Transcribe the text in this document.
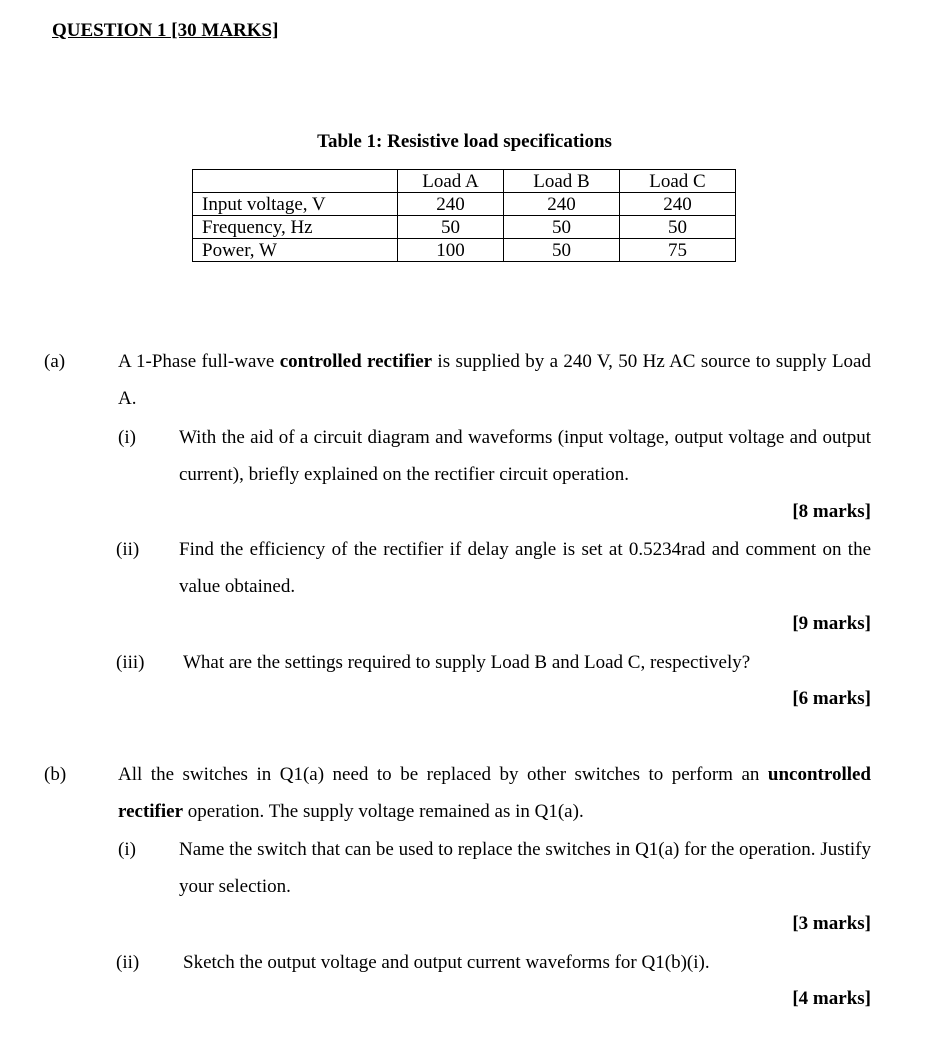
QUESTION 1 [30 MARKS]
Table 1: Resistive load specifications
	Load A	Load B	Load C
Input voltage, V	240	240	240
Frequency, Hz	50	50	50
Power, W	100	50	75
(a)	A 1-Phase full-wave controlled rectifier is supplied by a 240 V, 50 Hz AC source to supply Load A.
(i) With the aid of a circuit diagram and waveforms (input voltage, output voltage and output current), briefly explained on the rectifier circuit operation.
[8 marks]
(ii) Find the efficiency of the rectifier if delay angle is set at 0.5234rad and comment on the value obtained.
[9 marks]
(iii) What are the settings required to supply Load B and Load C, respectively?
[6 marks]
(b)	All the switches in Q1(a) need to be replaced by other switches to perform an uncontrolled rectifier operation. The supply voltage remained as in Q1(a).
(i) Name the switch that can be used to replace the switches in Q1(a) for the operation. Justify your selection.
[3 marks]
(ii) Sketch the output voltage and output current waveforms for Q1(b)(i).
[4 marks]
